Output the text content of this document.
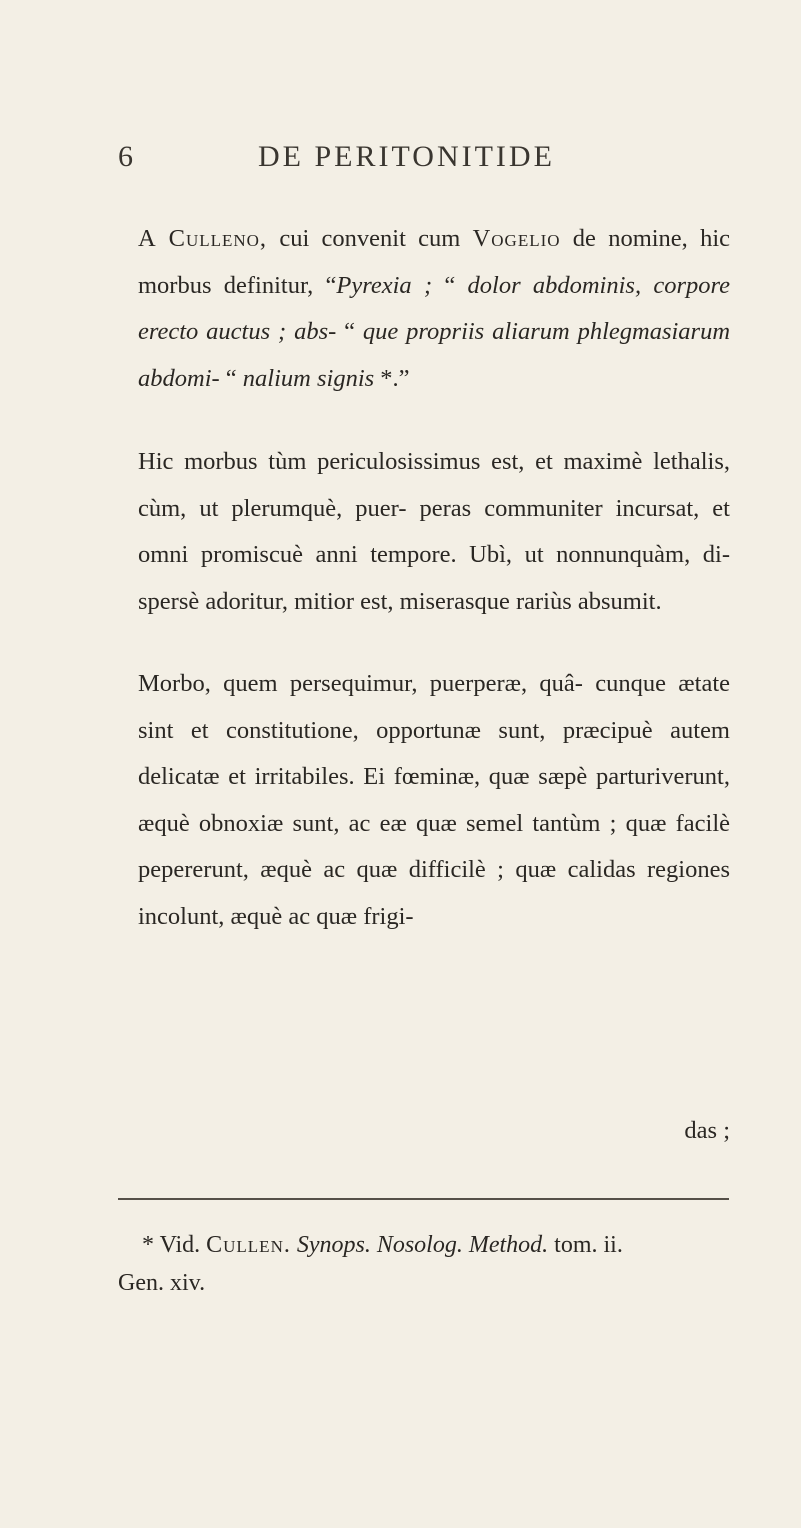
6	DE PERITONITIDE

A Culleno, cui convenit cum Vogelio de nomine, hic morbus definitur, “Pyrexia ; “ dolor abdominis, corpore erecto auctus ; abs- “ que propriis aliarum phlegmasiarum abdomi- “ nalium signis *.”

Hic morbus tùm periculosissimus est, et maximè lethalis, cùm, ut plerumquè, puer- peras communiter incursat, et omni promiscuè anni tempore. Ubì, ut nonnunquàm, di- spersè adoritur, mitior est, miserasque rariùs absumit.

Morbo, quem persequimur, puerperæ, quâ- cunque ætate sint et constitutione, opportunæ sunt, præcipuè autem delicatæ et irritabiles. Ei fœminæ, quæ sæpè parturiverunt, æquè obnoxiæ sunt, ac eæ quæ semel tantùm ; quæ facilè pepererunt, æquè ac quæ difficilè ; quæ calidas regiones incolunt, æquè ac quæ frigi-

das ;
* Vid. Cullen. Synops. Nosolog. Method. tom. ii.
Gen. xiv.
